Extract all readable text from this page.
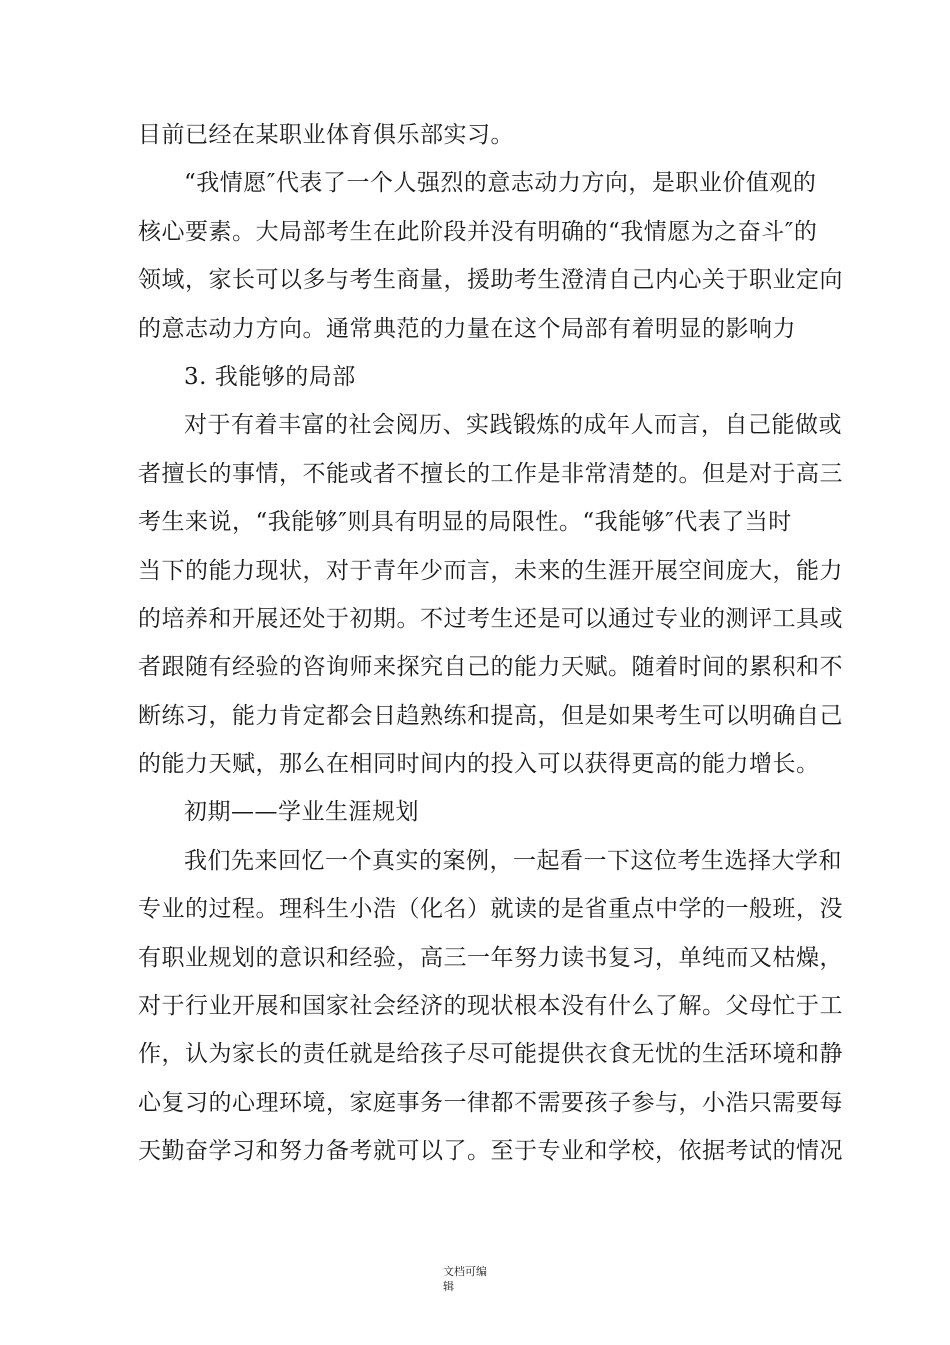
目前已经在某职业体育俱乐部实习。
“我情愿″代表了一个人强烈的意志动力方向，是职业价值观的
核心要素。大局部考生在此阶段并没有明确的“我情愿为之奋斗″的
领域，家长可以多与考生商量，援助考生澄清自己内心关于职业定向
的意志动力方向。通常典范的力量在这个局部有着明显的影响力
3. 我能够的局部
对于有着丰富的社会阅历、实践锻炼的成年人而言，自己能做或
者擅长的事情，不能或者不擅长的工作是非常清楚的。但是对于高三
考生来说，“我能够″则具有明显的局限性。“我能够″代表了当时
当下的能力现状，对于青年少而言，未来的生涯开展空间庞大，能力
的培养和开展还处于初期。不过考生还是可以通过专业的测评工具或
者跟随有经验的咨询师来探究自己的能力天赋。随着时间的累积和不
断练习，能力肯定都会日趋熟练和提高，但是如果考生可以明确自己
的能力天赋，那么在相同时间内的投入可以获得更高的能力增长。
初期——学业生涯规划
我们先来回忆一个真实的案例，一起看一下这位考生选择大学和
专业的过程。理科生小浩（化名）就读的是省重点中学的一般班，没
有职业规划的意识和经验，高三一年努力读书复习，单纯而又枯燥，
对于行业开展和国家社会经济的现状根本没有什么了解。父母忙于工
作，认为家长的责任就是给孩子尽可能提供衣食无忧的生活环境和静
心复习的心理环境，家庭事务一律都不需要孩子参与，小浩只需要每
天勤奋学习和努力备考就可以了。至于专业和学校，依据考试的情况
文档可编
辑
